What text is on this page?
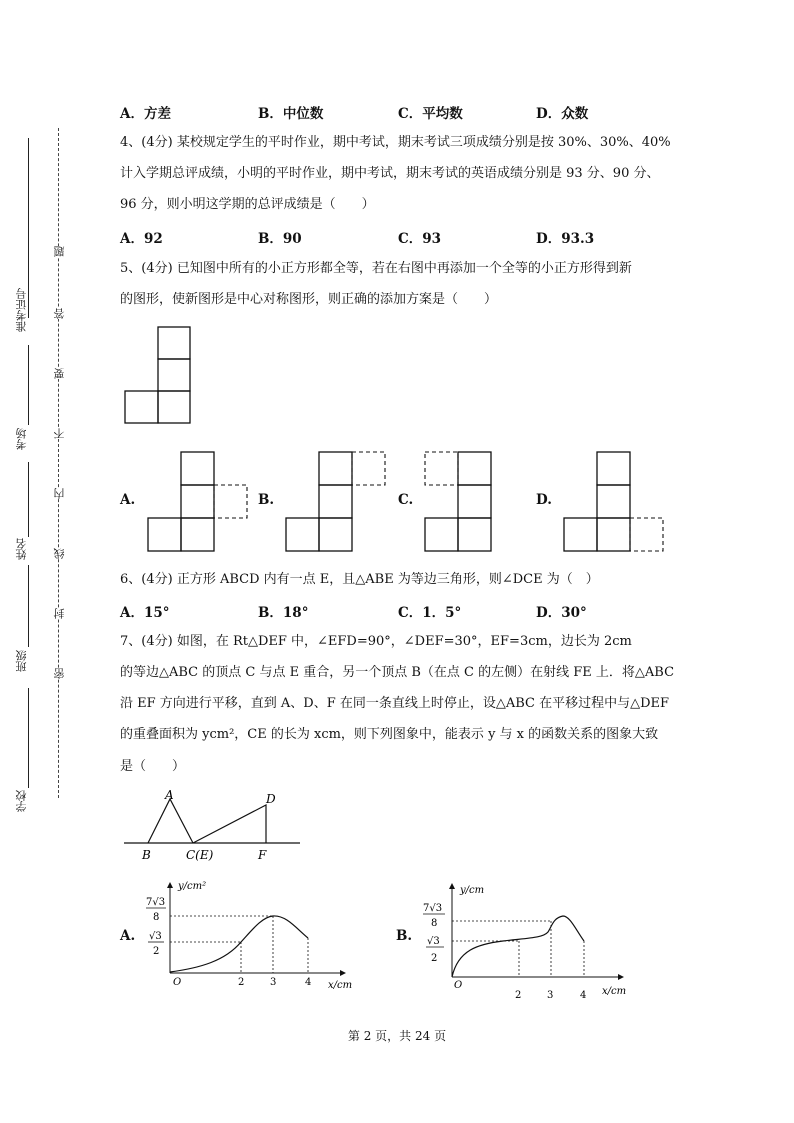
准考证号
考场
姓名
班级
学校
题
答
要
不
内
线
封
密
A．方差	B．中位数	C．平均数	D．众数
4、(4分) 某校规定学生的平时作业，期中考试，期末考试三项成绩分别是按 30%、30%、40%
计入学期总评成绩，小明的平时作业，期中考试，期末考试的英语成绩分别是 93 分、90 分、
96 分，则小明这学期的总评成绩是（　　）
A．92	B．90	C．93	D．93.3
5、(4分) 已知图中所有的小正方形都全等，若在右图中再添加一个全等的小正方形得到新
的图形，使新图形是中心对称图形，则正确的添加方案是（　　）
A.	B.	C.	D.
6、(4分) 正方形 ABCD 内有一点 E，且△ABE 为等边三角形，则∠DCE 为（　）
A．15°	B．18°	C．1．5°	D．30°
7、(4分) 如图，在 Rt△DEF 中，∠EFD=90°，∠DEF=30°，EF=3cm，边长为 2cm
的等边△ABC 的顶点 C 与点 E 重合，另一个顶点 B（在点 C 的左侧）在射线 FE 上．将△ABC
沿 EF 方向进行平移，直到 A、D、F 在同一条直线上时停止，设△ABC 在平移过程中与△DEF
的重叠面积为 ycm²，CE 的长为 xcm，则下列图象中，能表示 y 与 x 的函数关系的图象大致
是（　　）
A
B	C(E)
D
F
A.
y/cm²
x/cm
7√3
8
√3
2
O	2	3	4
B.
y/cm
x/cm
7√3
8
√3
2
O
2	3	4
第 2 页，共 24 页
